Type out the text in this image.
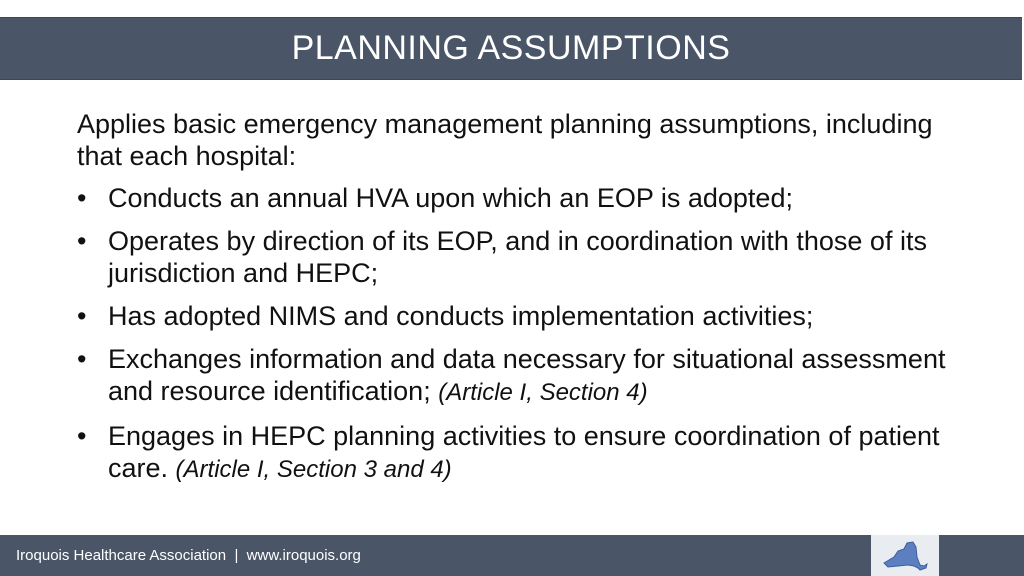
PLANNING ASSUMPTIONS

Applies basic emergency management planning assumptions, including that each hospital:

• Conducts an annual HVA upon which an EOP is adopted;
• Operates by direction of its EOP, and in coordination with those of its jurisdiction and HEPC;
• Has adopted NIMS and conducts implementation activities;
• Exchanges information and data necessary for situational assessment and resource identification; (Article I, Section 4)
• Engages in HEPC planning activities to ensure coordination of patient care. (Article I, Section 3 and 4)
Iroquois Healthcare Association  |  www.iroquois.org
